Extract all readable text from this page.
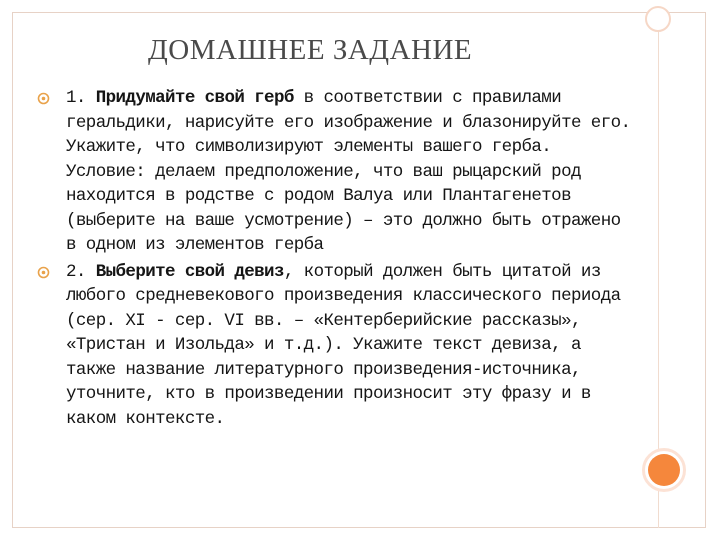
ДОМАШНЕЕ ЗАДАНИЕ
1. Придумайте свой герб в соответствии с правилами геральдики, нарисуйте его изображение и блазонируйте его. Укажите, что символизируют элементы вашего герба. Условие: делаем предположение, что ваш рыцарский род находится в родстве с родом Валуа или Плантагенетов (выберите на ваше усмотрение) – это должно быть отражено в одном из элементов герба
2. Выберите свой девиз, который должен быть цитатой из любого средневекового произведения классического периода (сер. XI - сер. VI вв. – «Кентерберийские рассказы», «Тристан и Изольда» и т.д.). Укажите текст девиза, а также название литературного произведения-источника, уточните, кто в произведении произносит эту фразу и в каком контексте.
